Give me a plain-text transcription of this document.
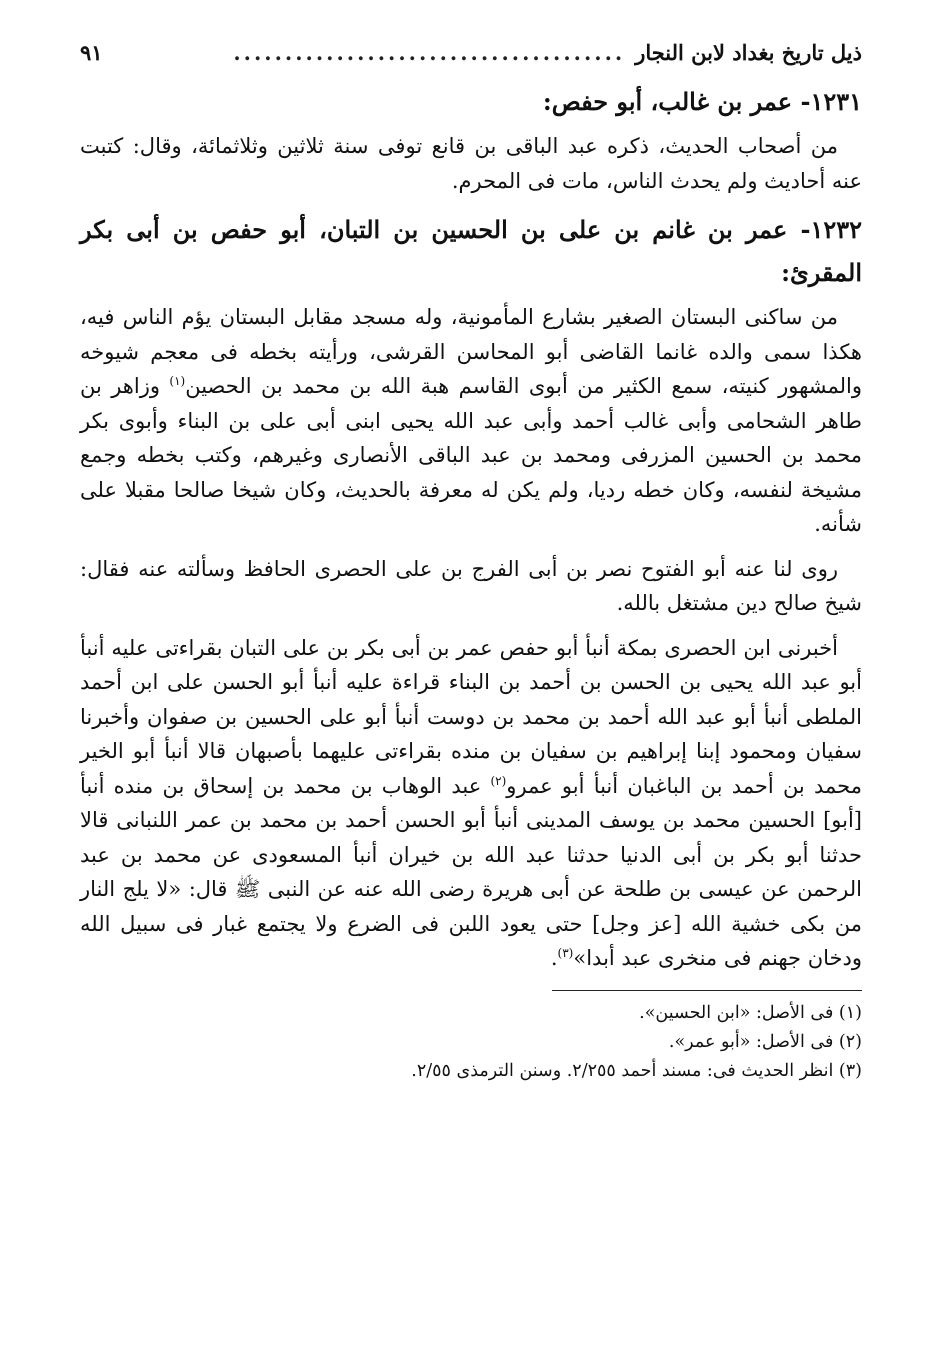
ذيل تاريخ بغداد لابن النجار
......................................
٩١
١٢٣١- عمر بن غالب، أبو حفص:

من أصحاب الحديث، ذكره عبد الباقى بن قانع توفى سنة ثلاثين وثلاثمائة، وقال: كتبت عنه أحاديث ولم يحدث الناس، مات فى المحرم.

١٢٣٢- عمر بن غانم بن على بن الحسين بن التبان، أبو حفص بن أبى بكر المقرئ:

من ساكنى البستان الصغير بشارع المأمونية، وله مسجد مقابل البستان يؤم الناس فيه، هكذا سمى والده غانما القاضى أبو المحاسن القرشى، ورأيته بخطه فى معجم شيوخه والمشهور كنيته، سمع الكثير من أبوى القاسم هبة الله بن محمد بن الحصين$^{(١)}$ وزاهر بن طاهر الشحامى وأبى غالب أحمد وأبى عبد الله يحيى ابنى أبى على بن البناء وأبوى بكر محمد بن الحسين المزرفى ومحمد بن عبد الباقى الأنصارى وغيرهم، وكتب بخطه وجمع مشيخة لنفسه، وكان خطه رديا، ولم يكن له معرفة بالحديث، وكان شيخا صالحا مقبلا على شأنه.

روى لنا عنه أبو الفتوح نصر بن أبى الفرج بن على الحصرى الحافظ وسألته عنه فقال: شيخ صالح دين مشتغل بالله.

أخبرنى ابن الحصرى بمكة أنبأ أبو حفص عمر بن أبى بكر بن على التبان بقراءتى عليه أنبأ أبو عبد الله يحيى بن الحسن بن أحمد بن البناء قراءة عليه أنبأ أبو الحسن على ابن أحمد الملطى أنبأ أبو عبد الله أحمد بن محمد بن دوست أنبأ أبو على الحسين بن صفوان وأخبرنا سفيان ومحمود إبنا إبراهيم بن سفيان بن منده بقراءتى عليهما بأصبهان قالا أنبأ أبو الخير محمد بن أحمد بن الباغبان أنبأ أبو عمرو$^{(٢)}$ عبد الوهاب بن محمد بن إسحاق بن منده أنبأ [أبو] الحسين محمد بن يوسف المدينى أنبأ أبو الحسن أحمد بن محمد بن عمر اللنبانى قالا حدثنا أبو بكر بن أبى الدنيا حدثنا عبد الله بن خيران أنبأ المسعودى عن محمد بن عبد الرحمن عن عيسى بن طلحة عن أبى هريرة رضى الله عنه عن النبى ﷺ قال: «لا يلج النار من بكى خشية الله [عز وجل] حتى يعود اللبن فى الضرع ولا يجتمع غبار فى سبيل الله ودخان جهنم فى منخرى عبد أبدا»$^{(٣)}$.

(١) فى الأصل: «ابن الحسين».
(٢) فى الأصل: «أبو عمر».
(٣) انظر الحديث فى: مسند أحمد ٢/٢٥٥. وسنن الترمذى ٢/٥٥.
